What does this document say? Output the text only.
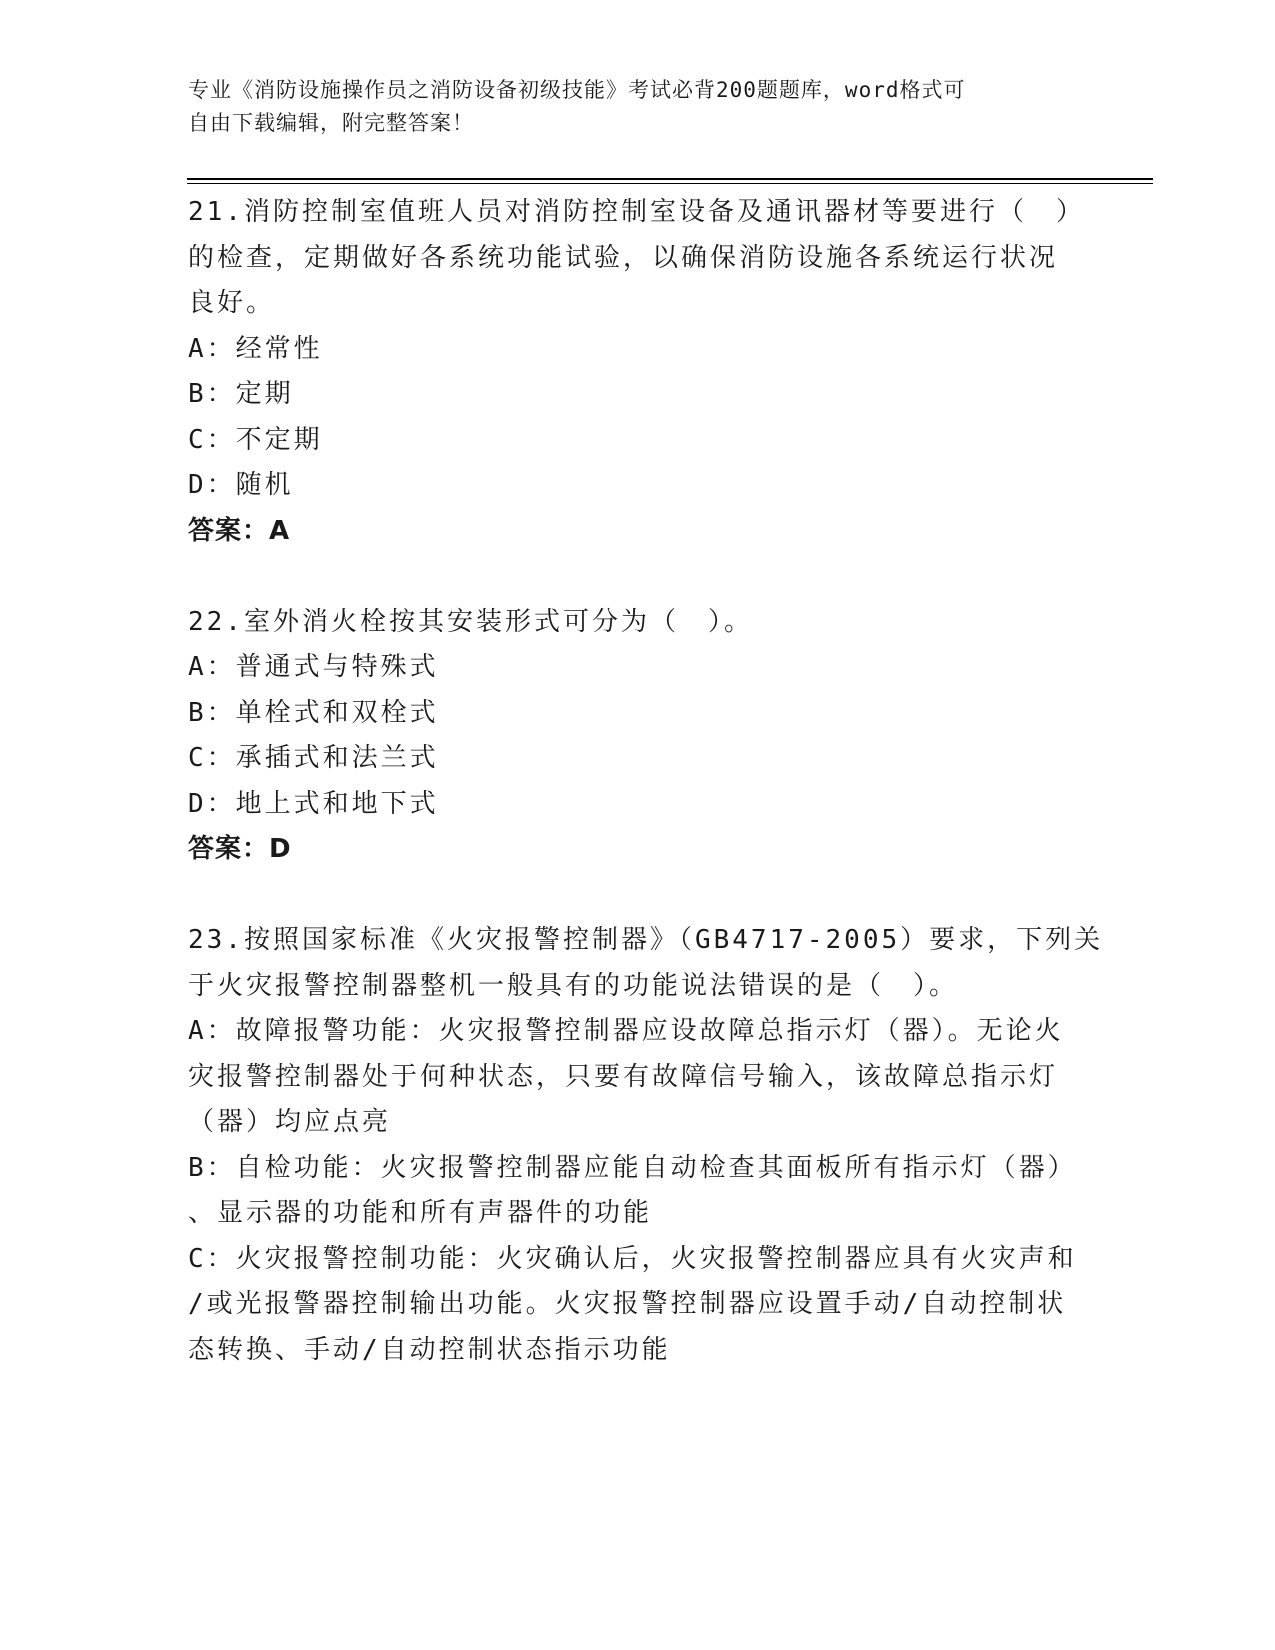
专业《消防设施操作员之消防设备初级技能》考试必背200题题库，word格式可
自由下载编辑，附完整答案！
21.消防控制室值班人员对消防控制室设备及通讯器材等要进行（　）
的检查，定期做好各系统功能试验，以确保消防设施各系统运行状况
良好。
A：经常性
B：定期
C：不定期
D：随机
答案：A
22.室外消火栓按其安装形式可分为（　）。
A：普通式与特殊式
B：单栓式和双栓式
C：承插式和法兰式
D：地上式和地下式
答案：D
23.按照国家标准《火灾报警控制器》（GB4717-2005）要求，下列关
于火灾报警控制器整机一般具有的功能说法错误的是（　）。
A：故障报警功能：火灾报警控制器应设故障总指示灯（器）。无论火
灾报警控制器处于何种状态，只要有故障信号输入，该故障总指示灯
（器）均应点亮
B：自检功能：火灾报警控制器应能自动检查其面板所有指示灯（器）
、显示器的功能和所有声器件的功能
C：火灾报警控制功能：火灾确认后，火灾报警控制器应具有火灾声和
/或光报警器控制输出功能。火灾报警控制器应设置手动/自动控制状
态转换、手动/自动控制状态指示功能
